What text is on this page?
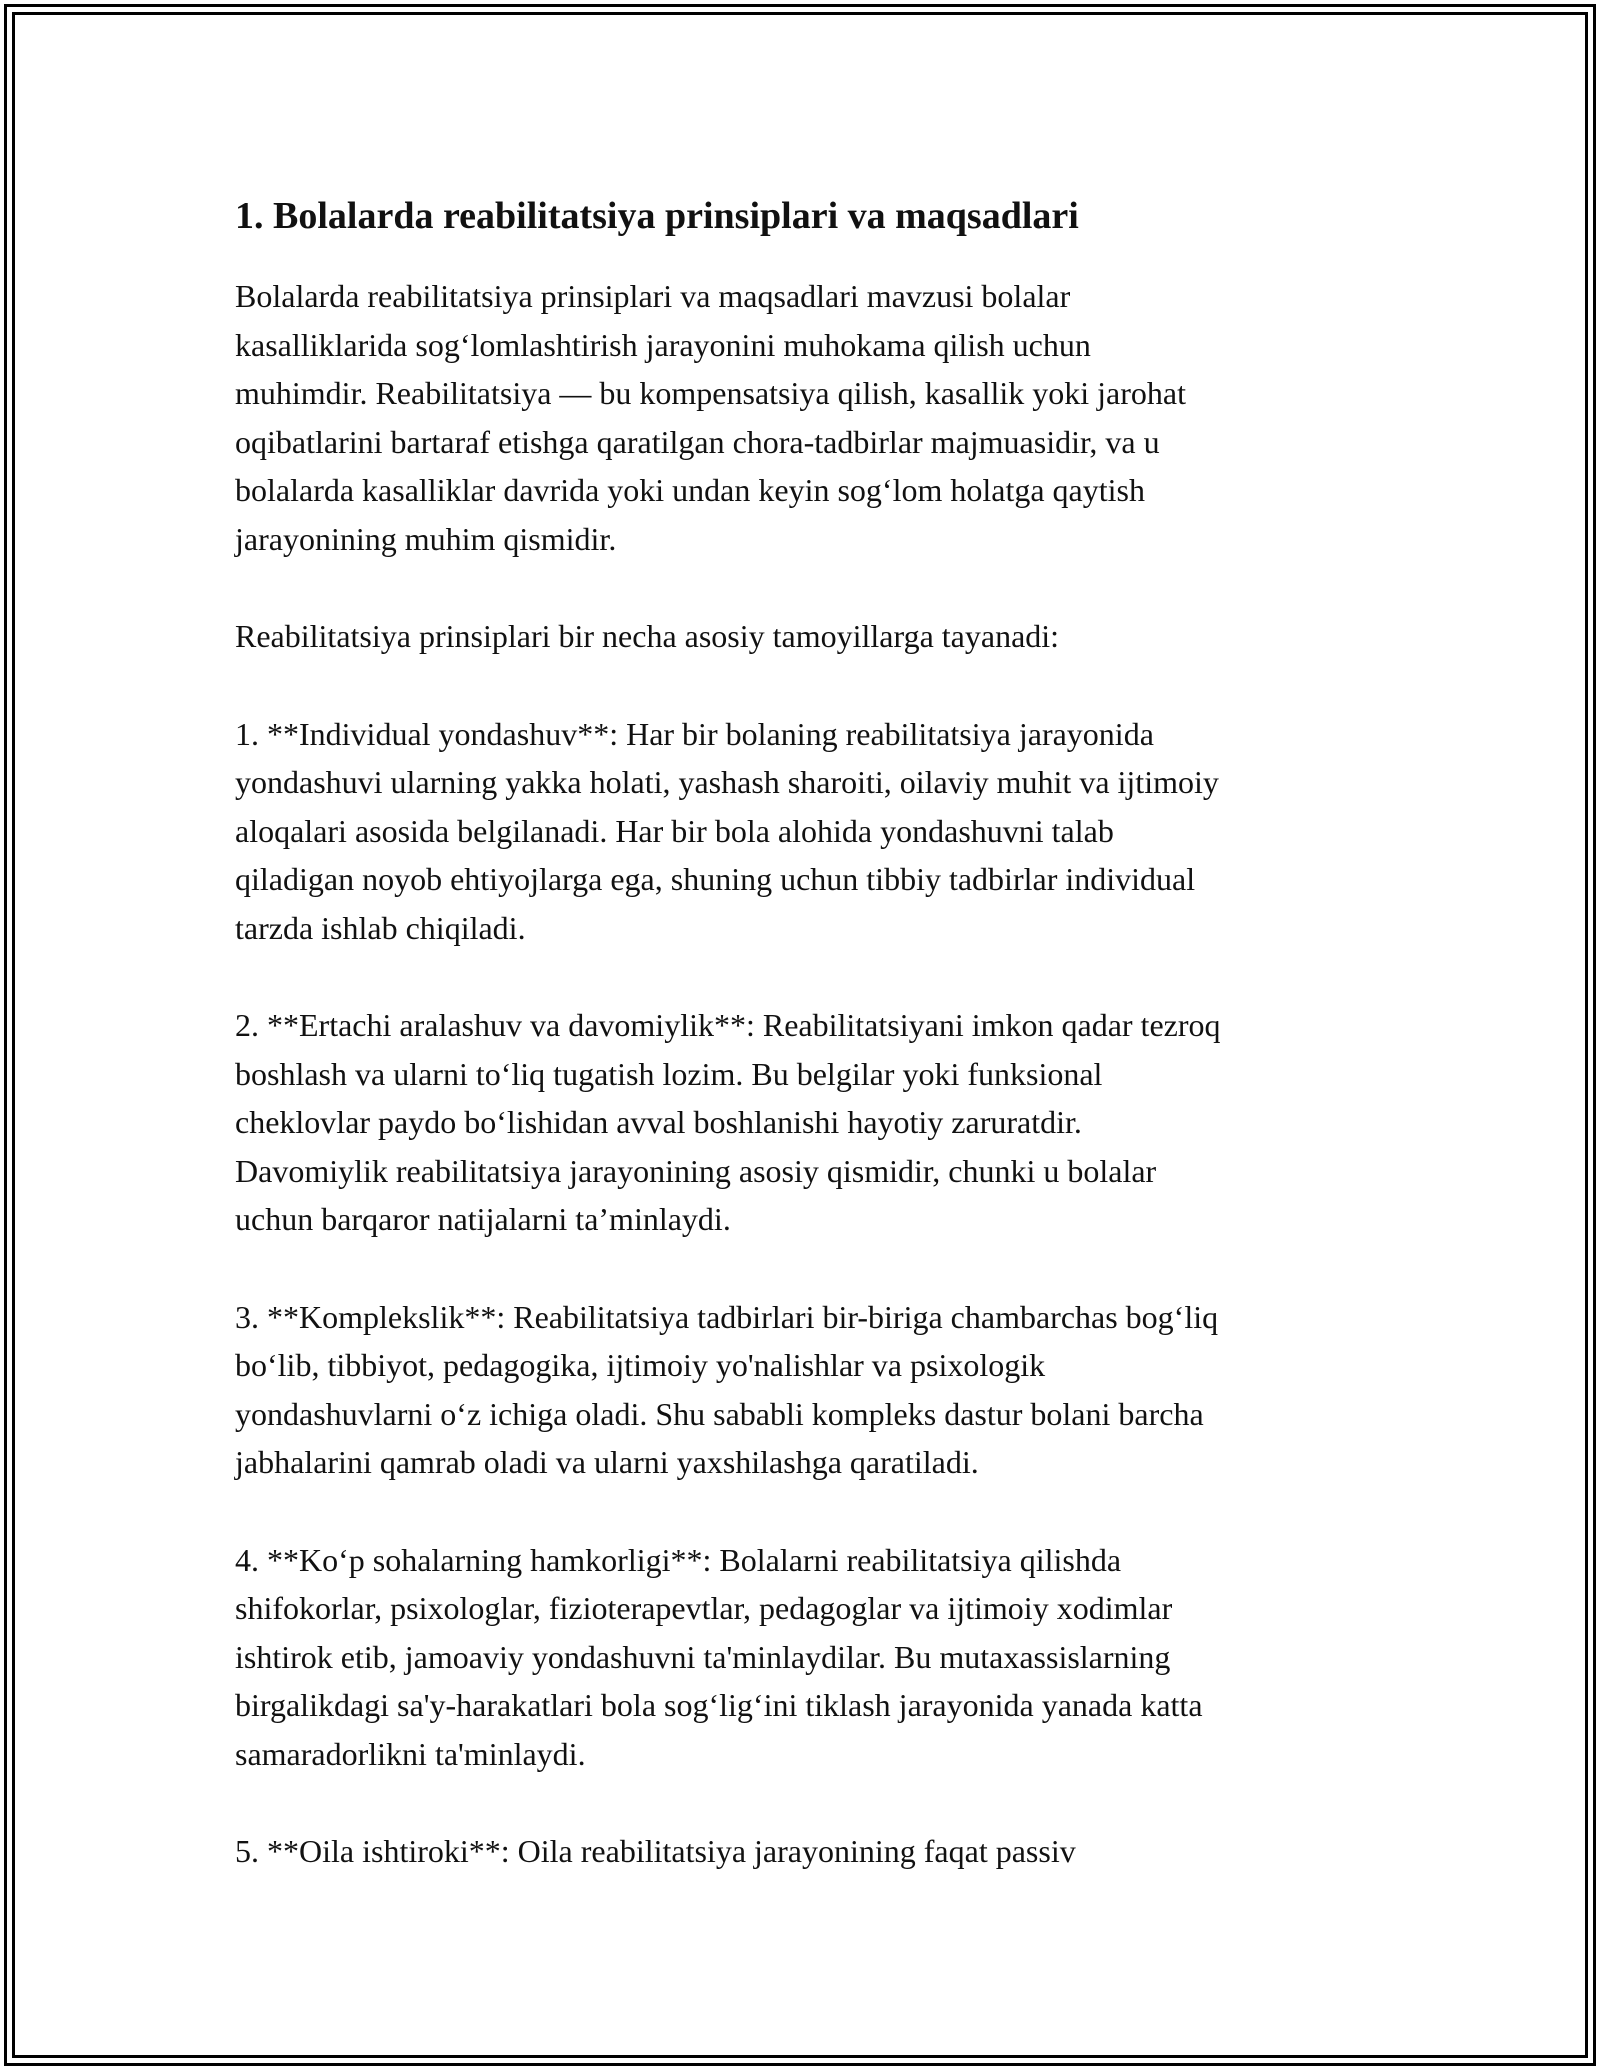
1. Bolalarda reabilitatsiya prinsiplari va maqsadlari

Bolalarda reabilitatsiya prinsiplari va maqsadlari mavzusi bolalar
kasalliklarida sog‘lomlashtirish jarayonini muhokama qilish uchun
muhimdir. Reabilitatsiya — bu kompensatsiya qilish, kasallik yoki jarohat
oqibatlarini bartaraf etishga qaratilgan chora-tadbirlar majmuasidir, va u
bolalarda kasalliklar davrida yoki undan keyin sog‘lom holatga qaytish
jarayonining muhim qismidir.

Reabilitatsiya prinsiplari bir necha asosiy tamoyillarga tayanadi:

1. **Individual yondashuv**: Har bir bolaning reabilitatsiya jarayonida
yondashuvi ularning yakka holati, yashash sharoiti, oilaviy muhit va ijtimoiy
aloqalari asosida belgilanadi. Har bir bola alohida yondashuvni talab
qiladigan noyob ehtiyojlarga ega, shuning uchun tibbiy tadbirlar individual
tarzda ishlab chiqiladi.

2. **Ertachi aralashuv va davomiylik**: Reabilitatsiyani imkon qadar tezroq
boshlash va ularni to‘liq tugatish lozim. Bu belgilar yoki funksional
cheklovlar paydo bo‘lishidan avval boshlanishi hayotiy zaruratdir.
Davomiylik reabilitatsiya jarayonining asosiy qismidir, chunki u bolalar
uchun barqaror natijalarni ta’minlaydi.

3. **Komplekslik**: Reabilitatsiya tadbirlari bir-biriga chambarchas bog‘liq
bo‘lib, tibbiyot, pedagogika, ijtimoiy yo'nalishlar va psixologik
yondashuvlarni o‘z ichiga oladi. Shu sababli kompleks dastur bolani barcha
jabhalarini qamrab oladi va ularni yaxshilashga qaratiladi.

4. **Ko‘p sohalarning hamkorligi**: Bolalarni reabilitatsiya qilishda
shifokorlar, psixologlar, fizioterapevtlar, pedagoglar va ijtimoiy xodimlar
ishtirok etib, jamoaviy yondashuvni ta'minlaydilar. Bu mutaxassislarning
birgalikdagi sa'y-harakatlari bola sog‘lig‘ini tiklash jarayonida yanada katta
samaradorlikni ta'minlaydi.

5. **Oila ishtiroki**: Oila reabilitatsiya jarayonining faqat passiv
